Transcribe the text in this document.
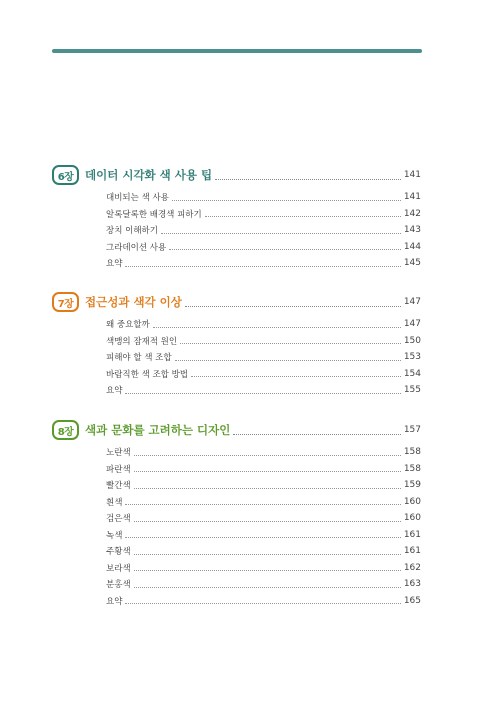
6장	데이터 시각화 색 사용 팁	141
대비되는 색 사용	141
알록달록한 배경색 피하기	142
장치 이해하기	143
그라데이션 사용	144
요약	145
7장	접근성과 색각 이상	147
왜 중요할까	147
색맹의 잠재적 원인	150
피해야 할 색 조합	153
바람직한 색 조합 방법	154
요약	155
8장	색과 문화를 고려하는 디자인	157
노란색	158
파란색	158
빨간색	159
흰색	160
검은색	160
녹색	161
주황색	161
보라색	162
분홍색	163
요약	165
